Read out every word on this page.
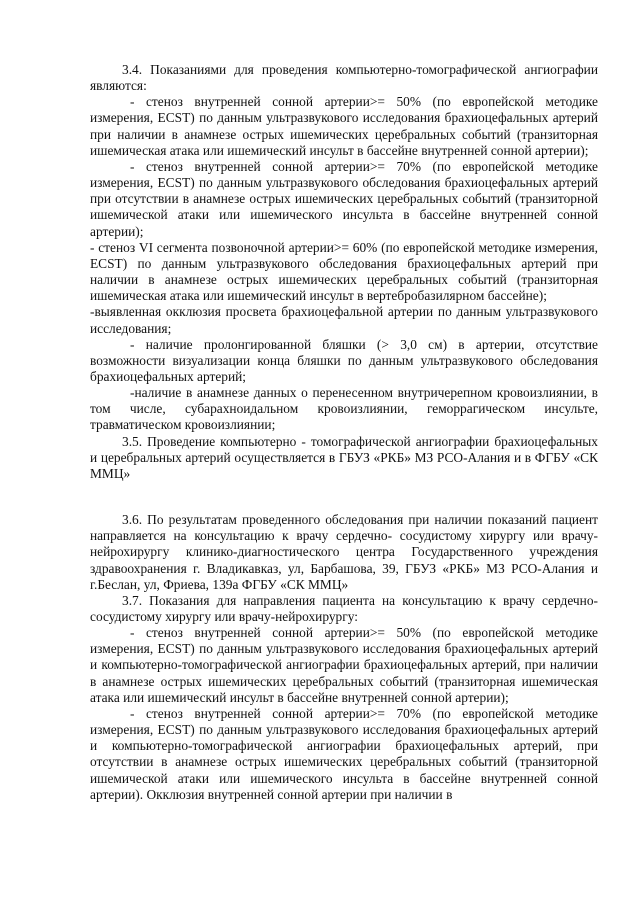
3.4. Показаниями для проведения компьютерно-томографической ангиографии являются:

- стеноз внутренней сонной артерии>= 50% (по европейской методике измерения, ECST) по данным ультразвукового исследования брахиоцефальных артерий при наличии в анамнезе острых ишемических церебральных событий (транзиторная ишемическая атака или ишемический инсульт в бассейне внутренней сонной артерии);

- стеноз внутренней сонной артерии>= 70% (по европейской методике измерения, ECST) по данным ультразвукового обследования брахиоцефальных артерий при отсутствии в анамнезе острых ишемических церебральных событий (транзиторной ишемической атаки или ишемического инсульта в бассейне внутренней сонной артерии);

- стеноз VI сегмента позвоночной артерии>= 60% (по европейской методике измерения, ECST) по данным ультразвукового обследования брахиоцефальных артерий при наличии в анамнезе острых ишемических церебральных событий (транзиторная ишемическая атака или ишемический инсульт в вертебробазилярном бассейне);

-выявленная окклюзия просвета брахиоцефальной артерии по данным ультразвукового исследования;

- наличие пролонгированной бляшки (> 3,0 см) в артерии, отсутствие возможности визуализации конца бляшки по данным ультразвукового обследования брахиоцефальных артерий;

-наличие в анамнезе данных о перенесенном внутричерепном кровоизлиянии, в том числе, субарахноидальном кровоизлиянии, геморрагическом инсульте, травматическом кровоизлиянии;

3.5. Проведение компьютерно - томографической ангиографии брахиоцефальных и церебральных артерий осуществляется в ГБУЗ «РКБ» МЗ РСО-Алания и в ФГБУ «СК ММЦ»

3.6. По результатам проведенного обследования при наличии показаний пациент направляется на консультацию к врачу сердечно- сосудистому хирургу или врачу-нейрохирургу клинико-диагностического центра Государственного учреждения здравоохранения г. Владикавказ, ул, Барбашова, 39, ГБУЗ «РКБ» МЗ РСО-Алания и г.Беслан, ул, Фриева, 139а ФГБУ «СК ММЦ»

3.7. Показания для направления пациента на консультацию к врачу сердечно-сосудистому хирургу или врачу-нейрохирургу:

- стеноз внутренней сонной артерии>= 50% (по европейской методике измерения, ECST) по данным ультразвукового исследования брахиоцефальных артерий и компьютерно-томографической ангиографии брахиоцефальных артерий, при наличии в анамнезе острых ишемических церебральных событий (транзиторная ишемическая атака или ишемический инсульт в бассейне внутренней сонной артерии);

- стеноз внутренней сонной артерии>= 70% (по европейской методике измерения, ECST) по данным ультразвукового исследования брахиоцефальных артерий и компьютерно-томографической ангиографии брахиоцефальных артерий, при отсутствии в анамнезе острых ишемических церебральных событий (транзиторной ишемической атаки или ишемического инсульта в бассейне внутренней сонной артерии). Окклюзия внутренней сонной артерии при наличии в
